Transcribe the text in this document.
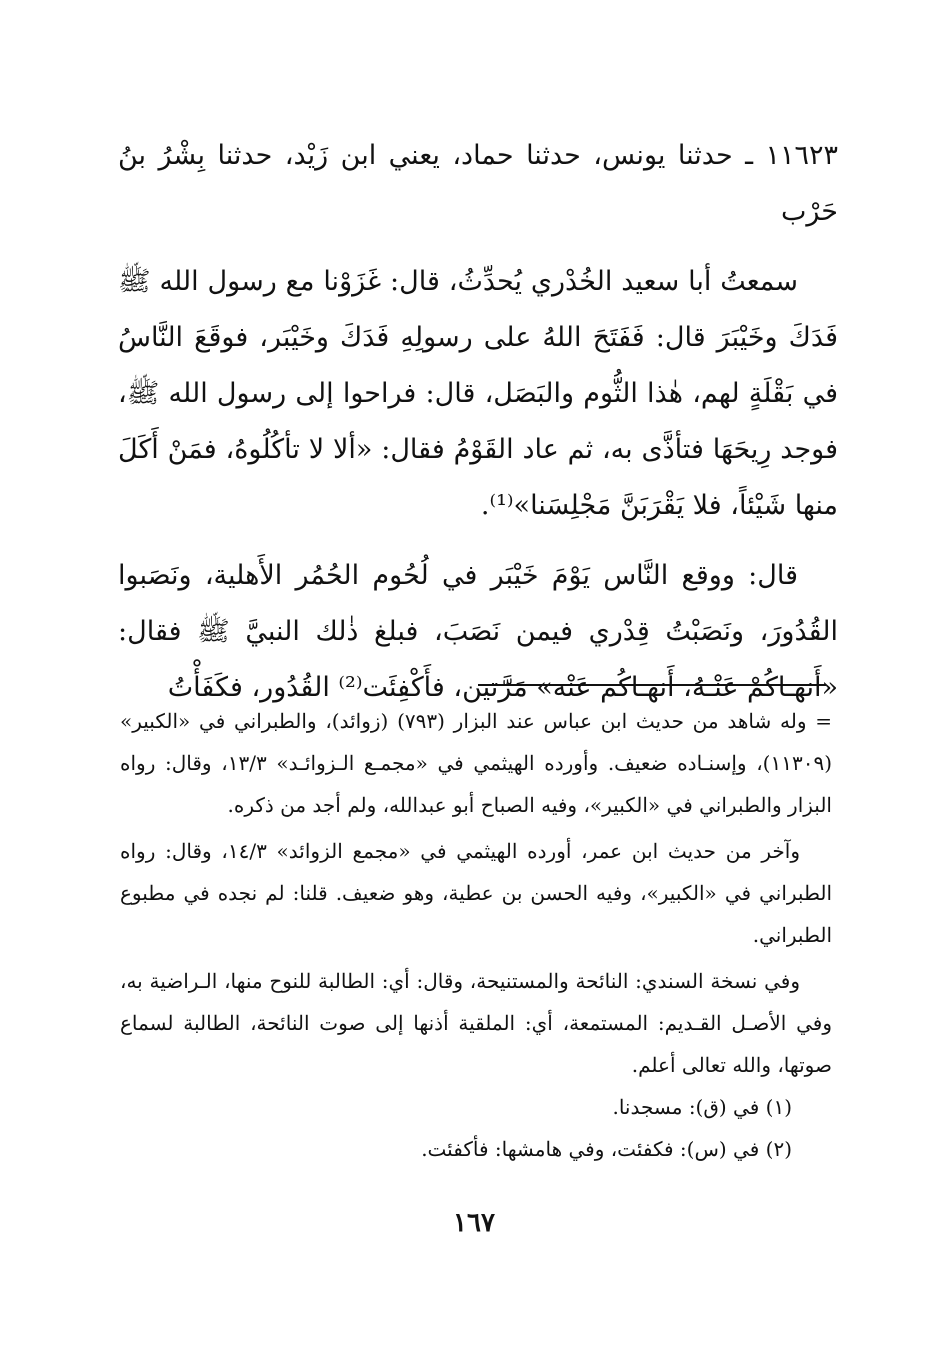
١١٦٢٣ ـ حدثنا يونس، حدثنا حماد، يعني ابن زَيْد، حدثنا بِشْرُ بنُ حَرْب

سمعتُ أبا سعيد الخُدْري يُحدِّثُ، قال: غَزَوْنا مع رسول الله ﷺ فَدَكَ وخَيْبَرَ قال: فَفَتَحَ اللهُ على رسولِهِ فَدَكَ وخَيْبَر، فوقَعَ النَّاسُ في بَقْلَةٍ لهم، هٰذا الثُّوم والبَصَل، قال: فراحوا إلى رسول الله ﷺ، فوجد رِيحَهَا فتأذَّى به، ثم عاد القَوْمُ فقال: «ألا لا تأكُلُوهُ، فمَنْ أَكَلَ منها شَيْئاً، فلا يَقْرَبَنَّ مَجْلِسَنا»⁽¹⁾.

قال: ووقع النَّاس يَوْمَ خَيْبَر في لُحُوم الحُمُر الأَهلية، ونَصَبوا القُدُورَ، ونَصَبْتُ قِدْري فيمن نَصَبَ، فبلغ ذٰلك النبيَّ ﷺ فقال: «أَنهـاكُمْ عَنْـهُ، أَنهـاكُم عَنْه» مَرَّتين، فأَكْفِئَت⁽²⁾ القُدُور، فكَفَأْتُ

= وله شاهد من حديث ابن عباس عند البزار (٧٩٣) (زوائد)، والطبراني في «الكبير» (١١٣٠٩)، وإسنـاده ضعيف. وأورده الهيثمي في «مجمـع الـزوائـد» ١٣/٣، وقال: رواه البزار والطبراني في «الكبير»، وفيه الصباح أبو عبدالله، ولم أجد من ذكره.

وآخر من حديث ابن عمر، أورده الهيثمي في «مجمع الزوائد» ١٤/٣، وقال: رواه الطبراني في «الكبير»، وفيه الحسن بن عطية، وهو ضعيف. قلنا: لم نجده في مطبوع الطبراني.

وفي نسخة السندي: النائحة والمستنيحة، وقال: أي: الطالبة للنوح منها، الـراضية به، وفي الأصـل القـديم: المستمعة، أي: الملقية أذنها إلى صوت النائحة، الطالبة لسماع صوتها، والله تعالى أعلم.

(١) في (ق): مسجدنا.

(٢) في (س): فكفئت، وفي هامشها: فأكفئت.

١٦٧
